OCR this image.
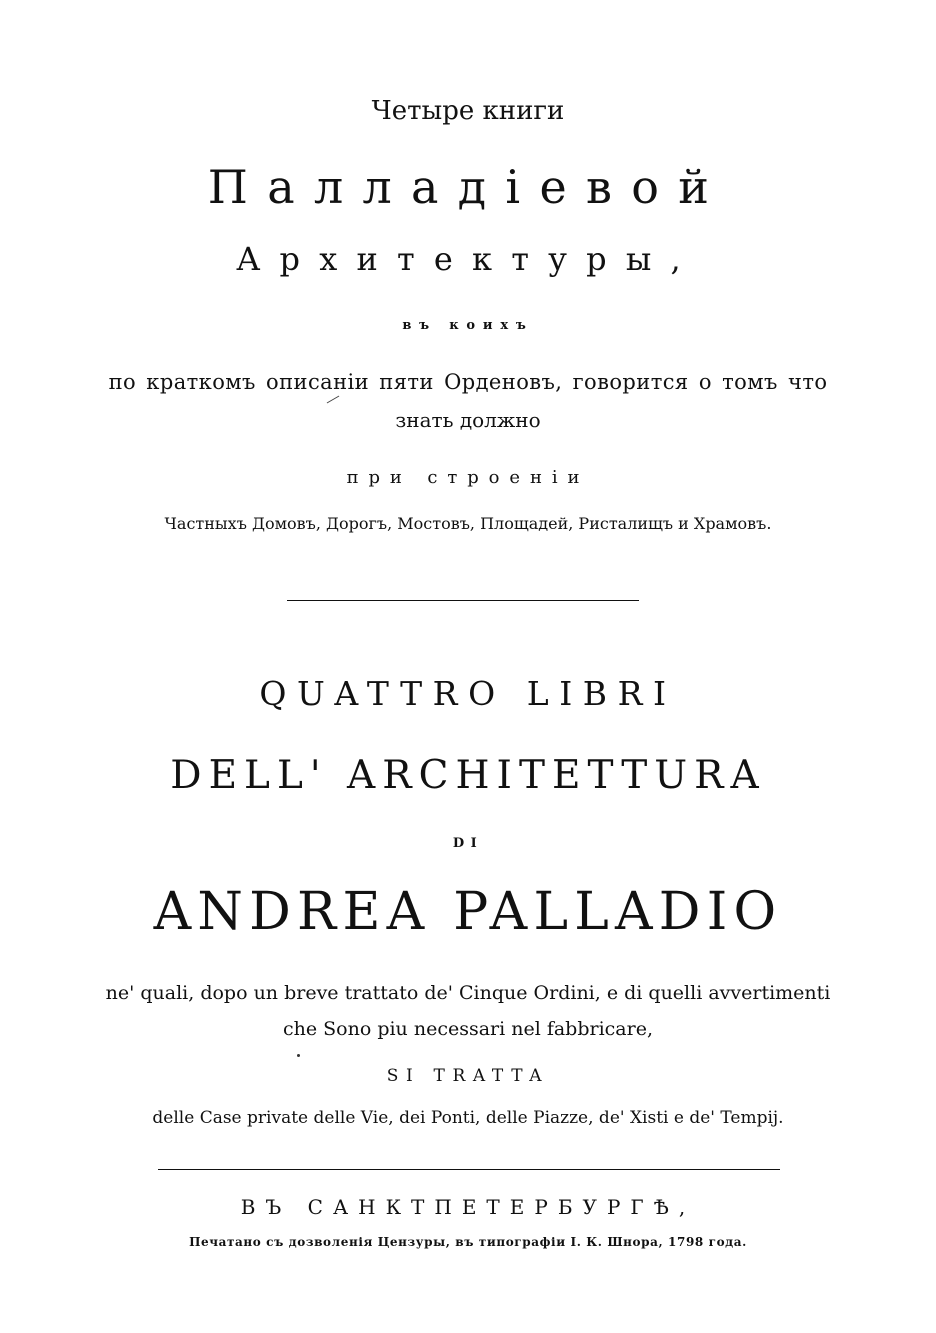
Четыре книги
Палладіевой
Архитектуры,
въ коихъ
по краткомъ описаніи пяти Орденовъ, говорится о томъ что
знать должно
при строеніи
Частныхъ Домовъ, Дорогъ, Мостовъ, Площадей, Ристалищъ и Храмовъ.
QUATTRO LIBRI
DELL' ARCHITETTURA
DI
ANDREA PALLADIO
ne' quali, dopo un breve trattato de' Cinque Ordini, e di quelli avvertimenti
che Sono piu necessari nel fabbricare,
SI TRATTA
delle Case private delle Vie, dei Ponti, delle Piazze, de' Xisti e de' Tempij.
ВЪ САНКТПЕТЕРБУРГѢ,
Печатано съ дозволенія Цензуры, въ типографіи І. К. Шнора, 1798 года.
